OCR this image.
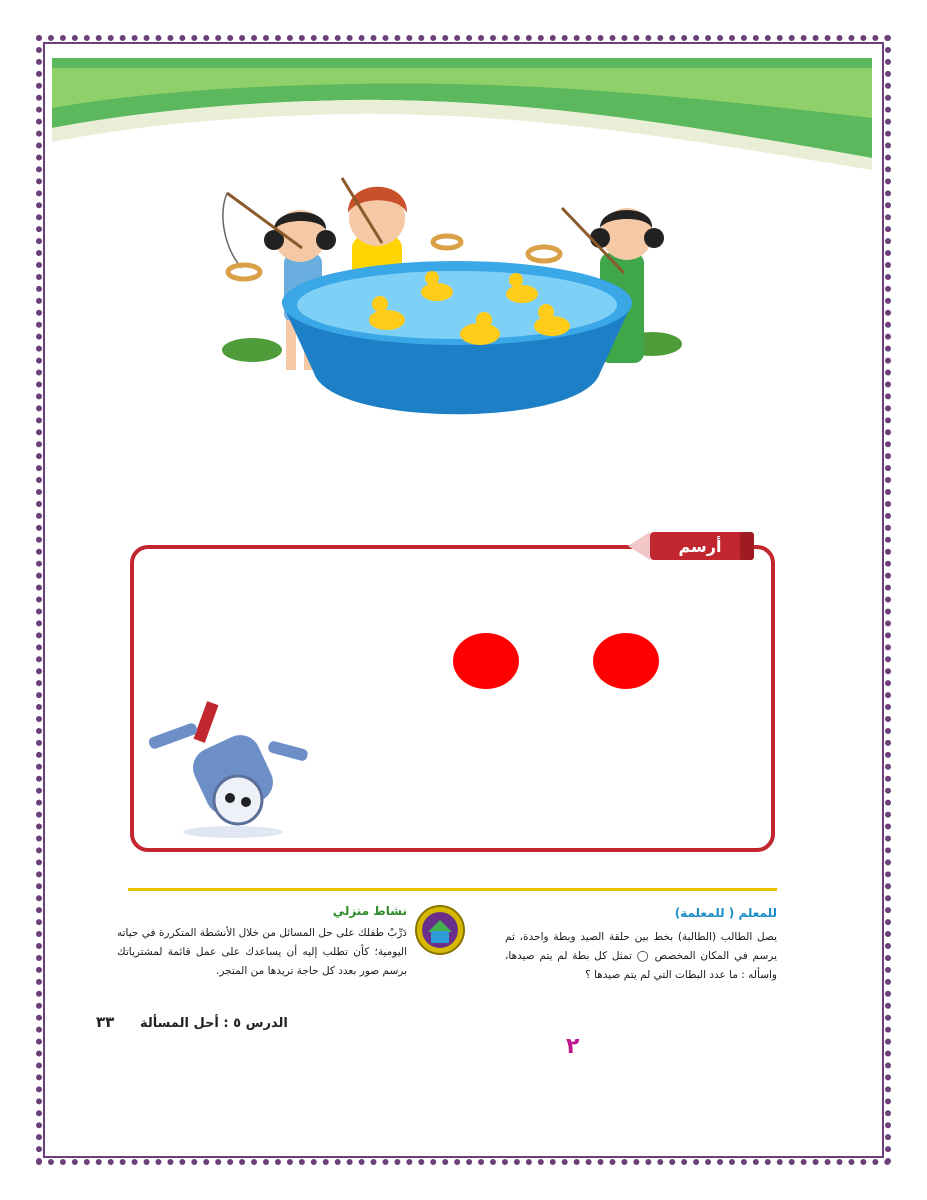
أرسم
للمعلم ( للمعلمة)
يصل الطالب (الطالبة) بخط بين حلقة الصيد وبطة واحدة، ثم يرسم في المكان المخصص ◯ تمثل كل بطة لم يتم صيدها، واسأله : ما عدد البطات التي لم يتم صيدها ؟
نشاط منزلي
دَرِّبْ طفلك على حل المسائل من خلال الأنشطة المتكررة في حياته اليومية؛ كأن تطلب إليه أن يساعدك على عمل قائمة لمشترياتك برسم صور بعدد كل حاجة تريدها من المتجر.
الدرس ٥ : أحل المسألة
٣٣
٢
